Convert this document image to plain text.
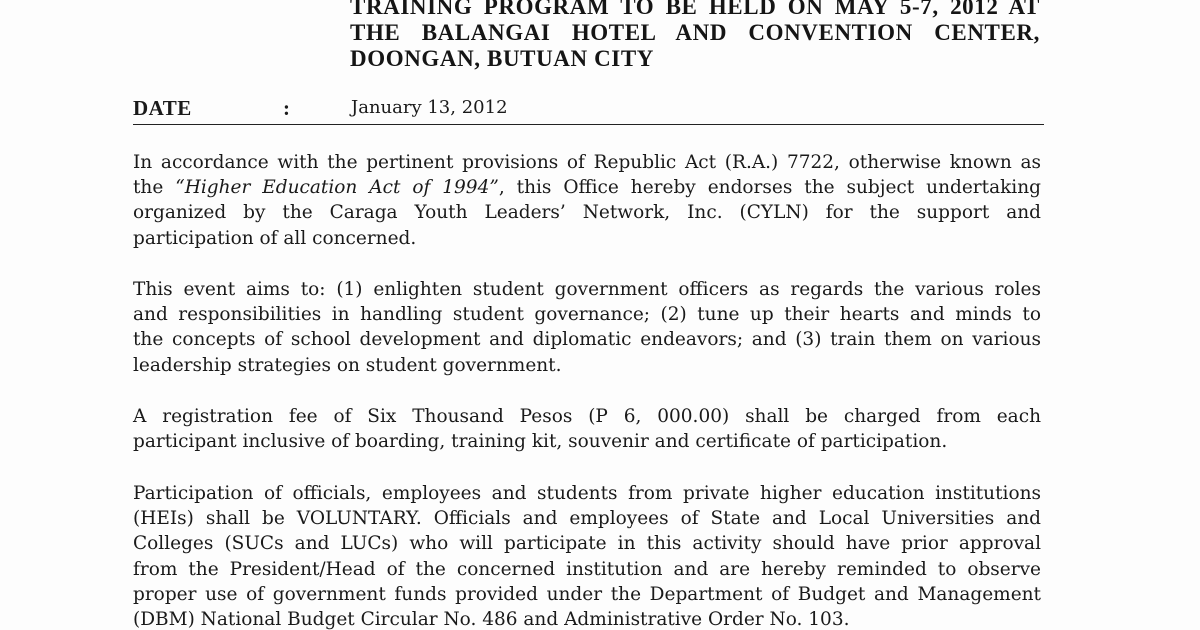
TRAINING PROGRAM TO BE HELD ON MAY 5-7, 2012 AT
THE BALANGAI HOTEL AND CONVENTION CENTER,
DOONGAN, BUTUAN CITY
DATE	:	January 13, 2012
In accordance with the pertinent provisions of Republic Act (R.A.) 7722, otherwise known as
the “Higher Education Act of 1994”, this Office hereby endorses the subject undertaking
organized by the Caraga Youth Leaders’ Network, Inc. (CYLN) for the support and
participation of all concerned.
This event aims to: (1) enlighten student government officers as regards the various roles
and responsibilities in handling student governance; (2) tune up their hearts and minds to
the concepts of school development and diplomatic endeavors; and (3) train them on various
leadership strategies on student government.
A registration fee of Six Thousand Pesos (P 6, 000.00) shall be charged from each
participant inclusive of boarding, training kit, souvenir and certificate of participation.
Participation of officials, employees and students from private higher education institutions
(HEIs) shall be VOLUNTARY. Officials and employees of State and Local Universities and
Colleges (SUCs and LUCs) who will participate in this activity should have prior approval
from the President/Head of the concerned institution and are hereby reminded to observe
proper use of government funds provided under the Department of Budget and Management
(DBM) National Budget Circular No. 486 and Administrative Order No. 103.
